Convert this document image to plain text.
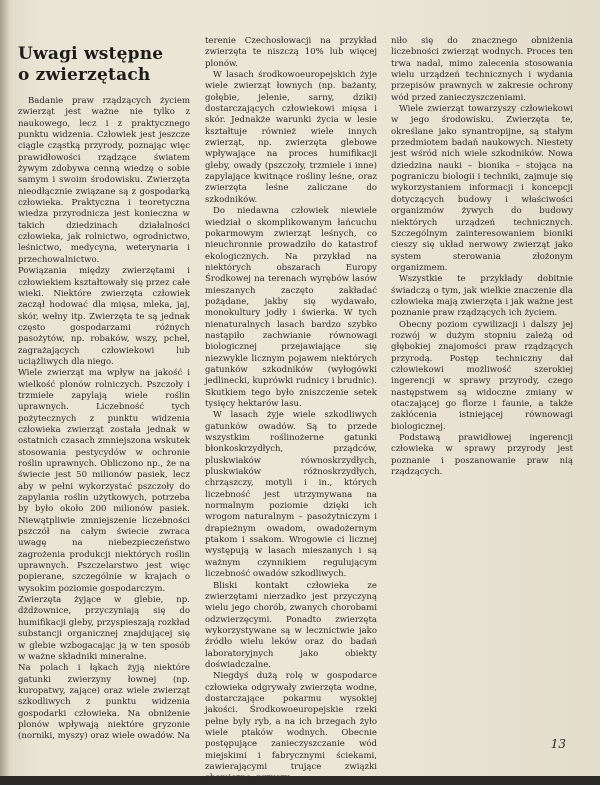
Uwagi wstępne
o zwierzętach

Badanie praw rządzących życiem zwierząt jest ważne nie tylko z naukowego, lecz i z praktycznego punktu widzenia. Człowiek jest jeszcze ciągle cząstką przyrody, poznając więc prawidłowości rządzące światem żywym zdobywa cenną wiedzę o sobie samym i swoim środowisku. Zwierzęta nieodłącznie związane są z gospodarką człowieka. Praktyczna i teoretyczna wiedza przyrodnicza jest konieczna w takich dziedzinach działalności człowieka, jak rolnictwo, ogrodnictwo, leśnictwo, medycyna, weterynaria i przechowalnictwo.

Powiązania między zwierzętami i człowiekiem kształtowały się przez całe wieki. Niektóre zwierzęta człowiek zaczął hodować dla mięsa, mleka, jaj, skór, wełny itp. Zwierzęta te są jednak często gospodarzami różnych pasożytów, np. robaków, wszy, pcheł, zagrażających człowiekowi lub uciążliwych dla niego.

Wiele zwierząt ma wpływ na jakość i wielkość plonów rolniczych. Pszczoły i trzmiele zapylają wiele roślin uprawnych. Liczebność tych pożytecznych z punktu widzenia człowieka zwierząt została jednak w ostatnich czasach zmniejszona wskutek stosowania pestycydów w ochronie roślin uprawnych. Obliczono np., że na świecie jest 50 milionów pasiek, lecz aby w pełni wykorzystać pszczoły do zapylania roślin użytkowych, potrzeba by było około 200 milionów pasiek. Niewątpliwie zmniejszenie liczebności pszczół na całym świecie zwraca uwagę na niebezpieczeństwo zagrożenia produkcji niektórych roślin uprawnych. Pszczelarstwo jest więc popierane, szczególnie w krajach o wysokim poziomie gospodarczym.

Zwierzęta żyjące w glebie, np. dżdżownice, przyczyniają się do humifikacji gleby, przyspieszają rozkład substancji organicznej znajdującej się w glebie wzbogacając ją w ten sposób w ważne składniki mineralne.

Na polach i łąkach żyją niektóre gatunki zwierzyny łownej (np. kuropatwy, zające) oraz wiele zwierząt szkodliwych z punktu widzenia gospodarki człowieka. Na obniżenie plonów wpływają niektóre gryzonie (norniki, myszy) oraz wiele owadów. Na

terenie Czechosłowacji na przykład zwierzęta te niszczą 10% lub więcej plonów.

W lasach środkowoeuropejskich żyje wiele zwierząt łownych (np. bażanty, gołębie, jelenie, sarny, dziki) dostarczających człowiekowi mięsa i skór. Jednakże warunki życia w lesie kształtuje również wiele innych zwierząt, np. zwierzęta glebowe wpływające na proces humifikacji gleby, owady (pszczoły, trzmiele i inne) zapylające kwitnące rośliny leśne, oraz zwierzęta leśne zaliczane do szkodników.

Do niedawna człowiek niewiele wiedział o skomplikowanym łańcuchu pokarmowym zwierząt leśnych, co nieuchronnie prowadziło do katastrof ekologicznych. Na przykład na niektórych obszarach Europy Środkowej na terenach wyrębów lasów mieszanych zaczęto zakładać pożądane, jakby się wydawało, monokultury jodły i świerka. W tych nienaturalnych lasach bardzo szybko nastąpiło zachwianie równowagi biologicznej przejawiające się niezwykle licznym pojawem niektórych gatunków szkodników (wyłogówki jedlinecki, kuprówki rudnicy i brudnic). Skutkiem tego było zniszczenie setek tysięcy hektarów lasu.

W lasach żyje wiele szkodliwych gatunków owadów. Są to przede wszystkim roślinożerne gatunki błonkoskrzydłych, prządców, pluskwiaków równoskrzydłych, pluskwiaków różnoskrzydłych, chrząszczy, motyli i in., których liczebność jest utrzymywana na normalnym poziomie dzięki ich wrogom naturalnym – pasożytniczym i drapieżnym owadom, owadożernym ptakom i ssakom. Wrogowie ci licznej występują w lasach mieszanych i są ważnym czynnikiem regulującym liczebność owadów szkodliwych.

Bliski kontakt człowieka ze zwierzętami nierzadko jest przyczyną wielu jego chorób, zwanych chorobami odzwierzęcymi. Ponadto zwierzęta wykorzystywane są w lecznictwie jako źródło wielu leków oraz do badań laboratoryjnych jako obiekty doświadczalne.

Niegdyś dużą rolę w gospodarce człowieka odgrywały zwierzęta wodne, dostarczające pokarmu wysokiej jakości. Środkowoeuropejskie rzeki pełne były ryb, a na ich brzegach żyło wiele ptaków wodnych. Obecnie postępujące zanieczyszczanie wód miejskimi i fabrycznymi ściekami, zawierającymi trujące związki chemiczne, przyczy-

niło się do znacznego obniżenia liczebności zwierząt wodnych. Proces ten trwa nadal, mimo zalecenia stosowania wielu urządzeń technicznych i wydania przepisów prawnych w zakresie ochrony wód przed zanieczyszczeniami.

Wiele zwierząt towarzyszy człowiekowi w jego środowisku. Zwierzęta te, określane jako synantropijne, są stałym przedmiotem badań naukowych. Niestety jest wśród nich wiele szkodników. Nowa dziedzina nauki – bionika – stojąca na pograniczu biologii i techniki, zajmuje się wykorzystaniem informacji i koncepcji dotyczących budowy i właściwości organizmów żywych do budowy niektórych urządzeń technicznych. Szczególnym zainteresowaniem bioniki cieszy się układ nerwowy zwierząt jako system sterowania złożonym organizmem.

Wszystkie te przykłady dobitnie świadczą o tym, jak wielkie znaczenie dla człowieka mają zwierzęta i jak ważne jest poznanie praw rządzących ich życiem.

Obecny poziom cywilizacji i dalszy jej rozwój w dużym stopniu zależą od głębokiej znajomości praw rządzących przyrodą. Postęp techniczny dał człowiekowi możliwość szerokiej ingerencji w sprawy przyrody, czego następstwem są widoczne zmiany w otaczającej go florze i faunie, a także zakłócenia istniejącej równowagi biologicznej.

Podstawą prawidłowej ingerencji człowieka w sprawy przyrody jest poznanie i poszanowanie praw nią rządzących.

13
